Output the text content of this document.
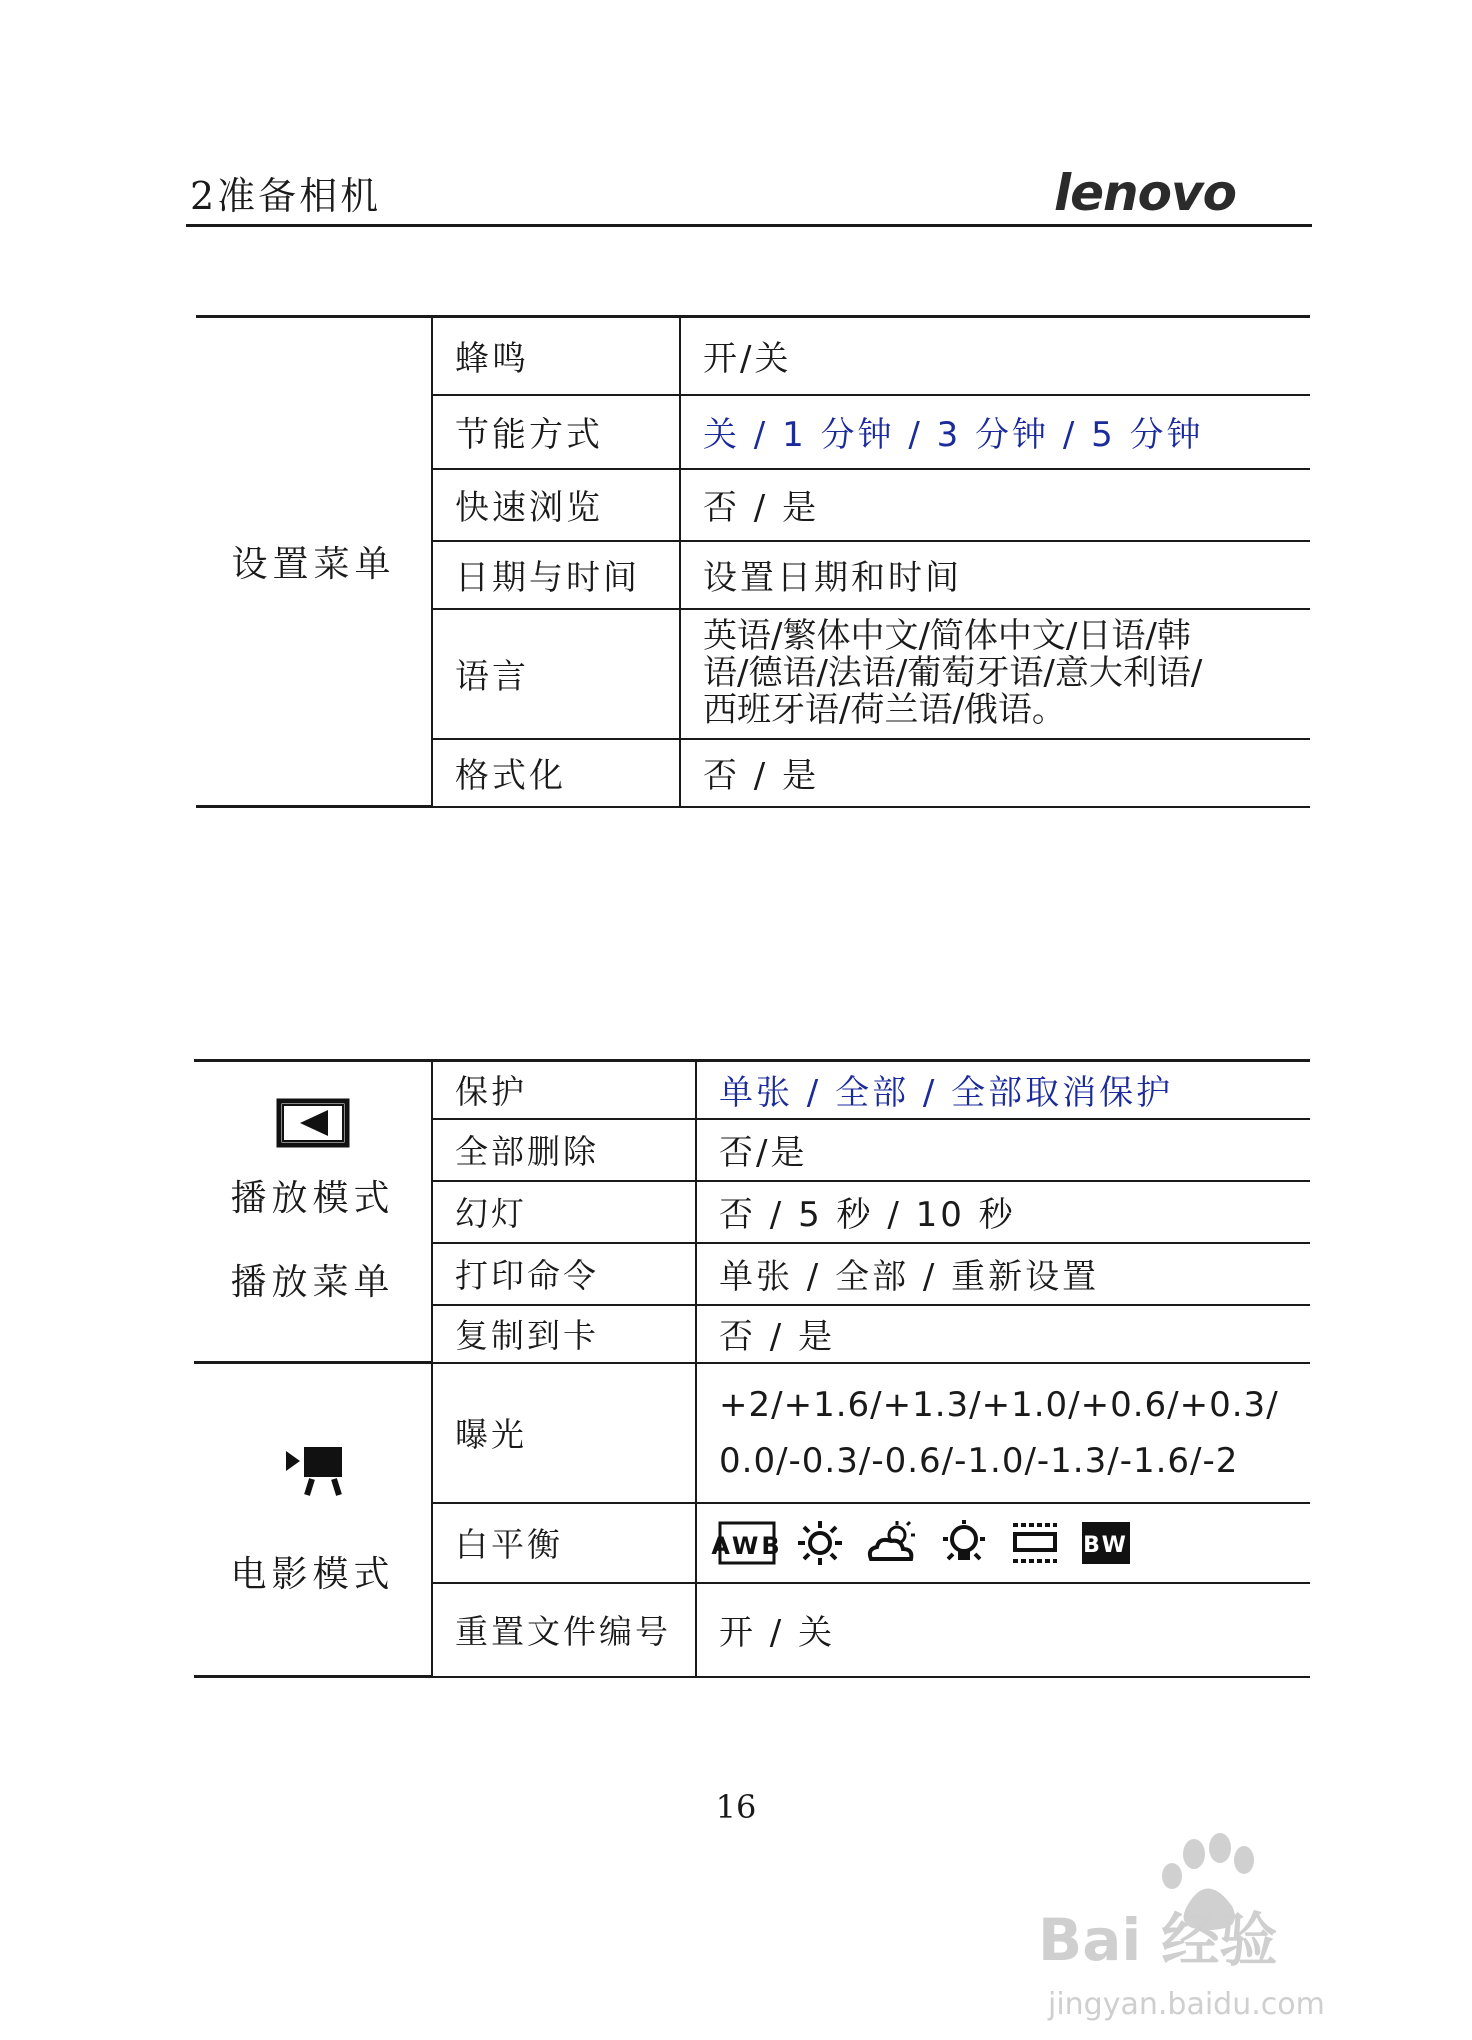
2准备相机	lenovo
设置菜单	蜂鸣	开/关
	节能方式	关 / 1 分钟 / 3 分钟 / 5 分钟
	快速浏览	否 / 是
	日期与时间	设置日期和时间
	语言	英语/繁体中文/简体中文/日语/韩
语/德语/法语/葡萄牙语/意大利语/
西班牙语/荷兰语/俄语。

	格式化	否 / 是
播放模式
播放菜单	保护	单张 / 全部 / 全部取消保护
	全部删除	否/是
	幻灯	否 / 5 秒 / 10 秒
	打印命令	单张 / 全部 / 重新设置
	复制到卡	否 / 是

电影模式	曝光	+2/+1.6/+1.3/+1.0/+0.6/+0.3/
0.0/-0.3/-0.6/-1.0/-1.3/-1.6/-2

	白平衡	AWB BW

	重置文件编号	开 / 关
16
Bai 经验
jingyan.baidu.com
